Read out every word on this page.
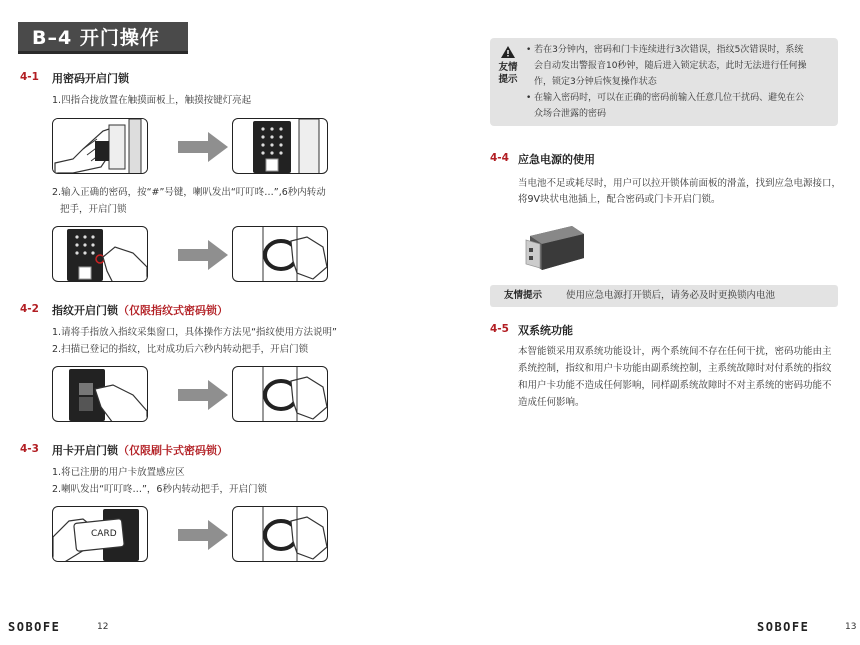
B–4 开门操作
4-1 用密码开启门锁
1.四指合拢放置在触摸面板上，触摸按键灯亮起
2.输入正确的密码，按“#”号键，喇叭发出“叮叮咚…”,6秒内转动
把手，开启门锁
4-2 指纹开启门锁（仅限指纹式密码锁）
1.请将手指放入指纹采集窗口，具体操作方法见“指纹使用方法说明”
2.扫描已登记的指纹，比对成功后六秒内转动把手，开启门锁
4-3 用卡开启门锁（仅限刷卡式密码锁）
1.将已注册的用户卡放置感应区
2.喇叭发出“叮叮咚…”，6秒内转动把手，开启门锁
CARD
SOBOFE	12
友情
提示
• 若在3分钟内，密码和门卡连续进行3次错误，指纹5次错误时，系统
会自动发出警报音10秒钟，随后进入锁定状态，此时无法进行任何操
作，锁定3分钟后恢复操作状态
• 在输入密码时，可以在正确的密码前输入任意几位干扰码、避免在公
众场合泄露的密码
4-4 应急电源的使用
当电池不足或耗尽时，用户可以拉开锁体前面板的滑盖，找到应急电源接口，
将9V块状电池插上，配合密码或门卡开启门锁。
友情提示	使用应急电源打开锁后，请务必及时更换锁内电池
4-5 双系统功能
本智能锁采用双系统功能设计，两个系统间不存在任何干扰，密码功能由主
系统控制，指纹和用户卡功能由副系统控制，主系统故障时对付系统的指纹
和用户卡功能不造成任何影响，同样副系统故障时不对主系统的密码功能不
造成任何影响。
SOBOFE	13
